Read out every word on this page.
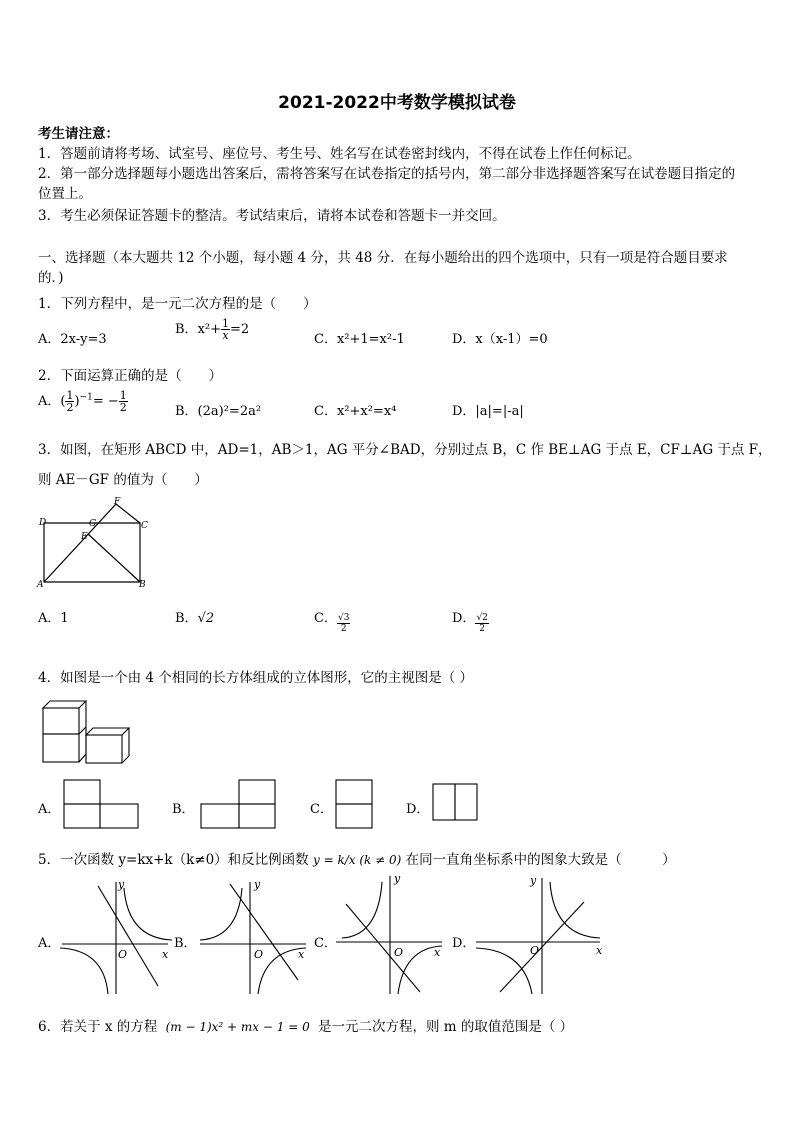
2021-2022中考数学模拟试卷
考生请注意：
1．答题前请将考场、试室号、座位号、考生号、姓名写在试卷密封线内，不得在试卷上作任何标记。
2．第一部分选择题每小题选出答案后，需将答案写在试卷指定的括号内，第二部分非选择题答案写在试卷题目指定的
位置上。
3．考生必须保证答题卡的整洁。考试结束后，请将本试卷和答题卡一并交回。
一、选择题（本大题共 12 个小题，每小题 4 分，共 48 分．在每小题给出的四个选项中，只有一项是符合题目要求
的．)
1．下列方程中，是一元二次方程的是（　　）
A．2x-y=3
B．$x^2+ \frac{1}{x} =2$
C．x²+1=x²-1	D．x（x-1）=0
2．下面运算正确的是（　　）
A．( $\frac{1}{2} )^{-1}= - \frac{1}{2}$	B．(2a)²=2a²	C．x²+x²=x⁴	D．|a|=|-a|
3．如图，在矩形 ABCD 中，AD=1，AB＞1，AG 平分∠BAD，分别过点 B，C 作 BE⊥AG 于点 E，CF⊥AG 于点 F，
则 AE－GF 的值为（　　）
A	B
C
D
E
F
G
A．1	B．√2	C． $\frac{√3}{2}$	D． $\frac{√2}{2}$
4．如图是一个由 4 个相同的长方体组成的立体图形，它的主视图是（ ）
A．	B．	C．	D．
5．一次函数 y=kx+k（k≠0）和反比例函数 y = k/x (k ≠ 0) 在同一直角坐标系中的图象大致是（　　　）
A．
x
y
O
B．
x
y
O
C．
x
y
O
D．	x
y
O
6．若关于 x 的方程 (m − 1)x² + mx − 1 = 0 是一元二次方程，则 m 的取值范围是（ ）
